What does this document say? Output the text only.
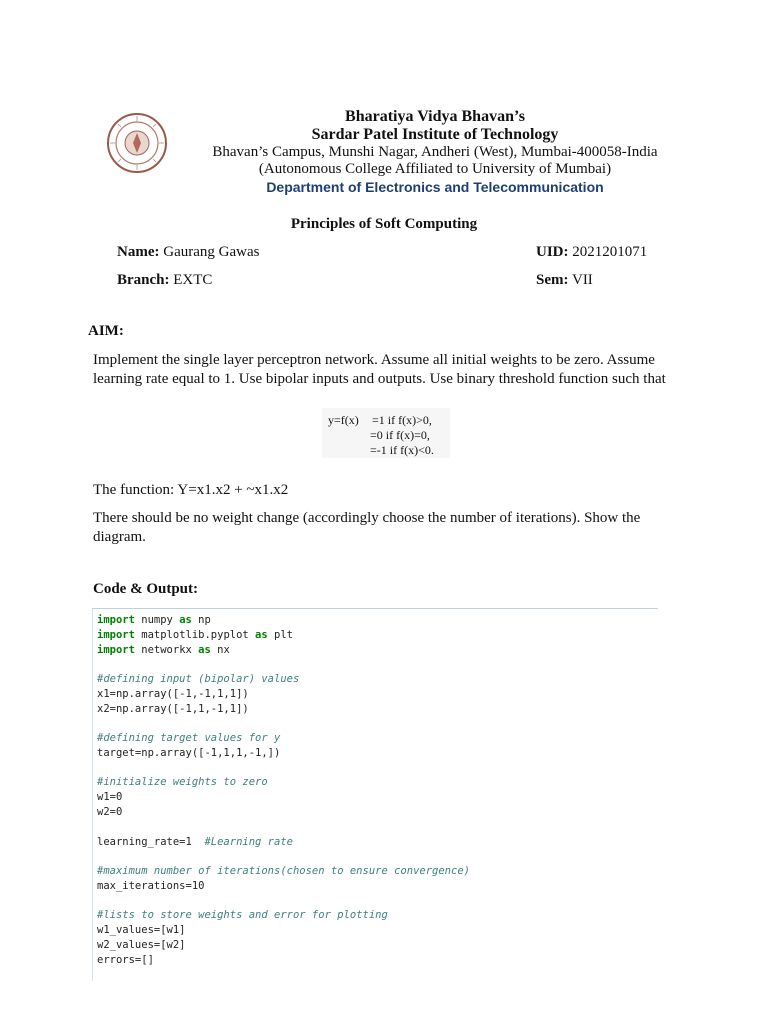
Bharatiya Vidya Bhavan’s
Sardar Patel Institute of Technology
Bhavan’s Campus, Munshi Nagar, Andheri (West), Mumbai-400058-India
(Autonomous College Affiliated to University of Mumbai)
Department of Electronics and Telecommunication
Principles of Soft Computing
Name: Gaurang Gawas	UID: 2021201071
Branch: EXTC	Sem: VII
AIM:
Implement the single layer perceptron network. Assume all initial weights to be zero. Assume learning rate equal to 1. Use bipolar inputs and outputs. Use binary threshold function such that
y=f(x) =1 if f(x)>0,
=0 if f(x)=0,
=-1 if f(x)<0.
The function: Y=x1.x2 + ~x1.x2
There should be no weight change (accordingly choose the number of iterations). Show the diagram.
Code & Output:
import numpy as np
import matplotlib.pyplot as plt
import networkx as nx
#defining input (bipolar) values
x1=np.array([-1,-1,1,1])
x2=np.array([-1,1,-1,1])
#defining target values for y
target=np.array([-1,1,1,-1,])
#initialize weights to zero
w1=0
w2=0
learning_rate=1  #Learning rate
#maximum number of iterations(chosen to ensure convergence)
max_iterations=10
#lists to store weights and error for plotting
w1_values=[w1]
w2_values=[w2]
errors=[]
